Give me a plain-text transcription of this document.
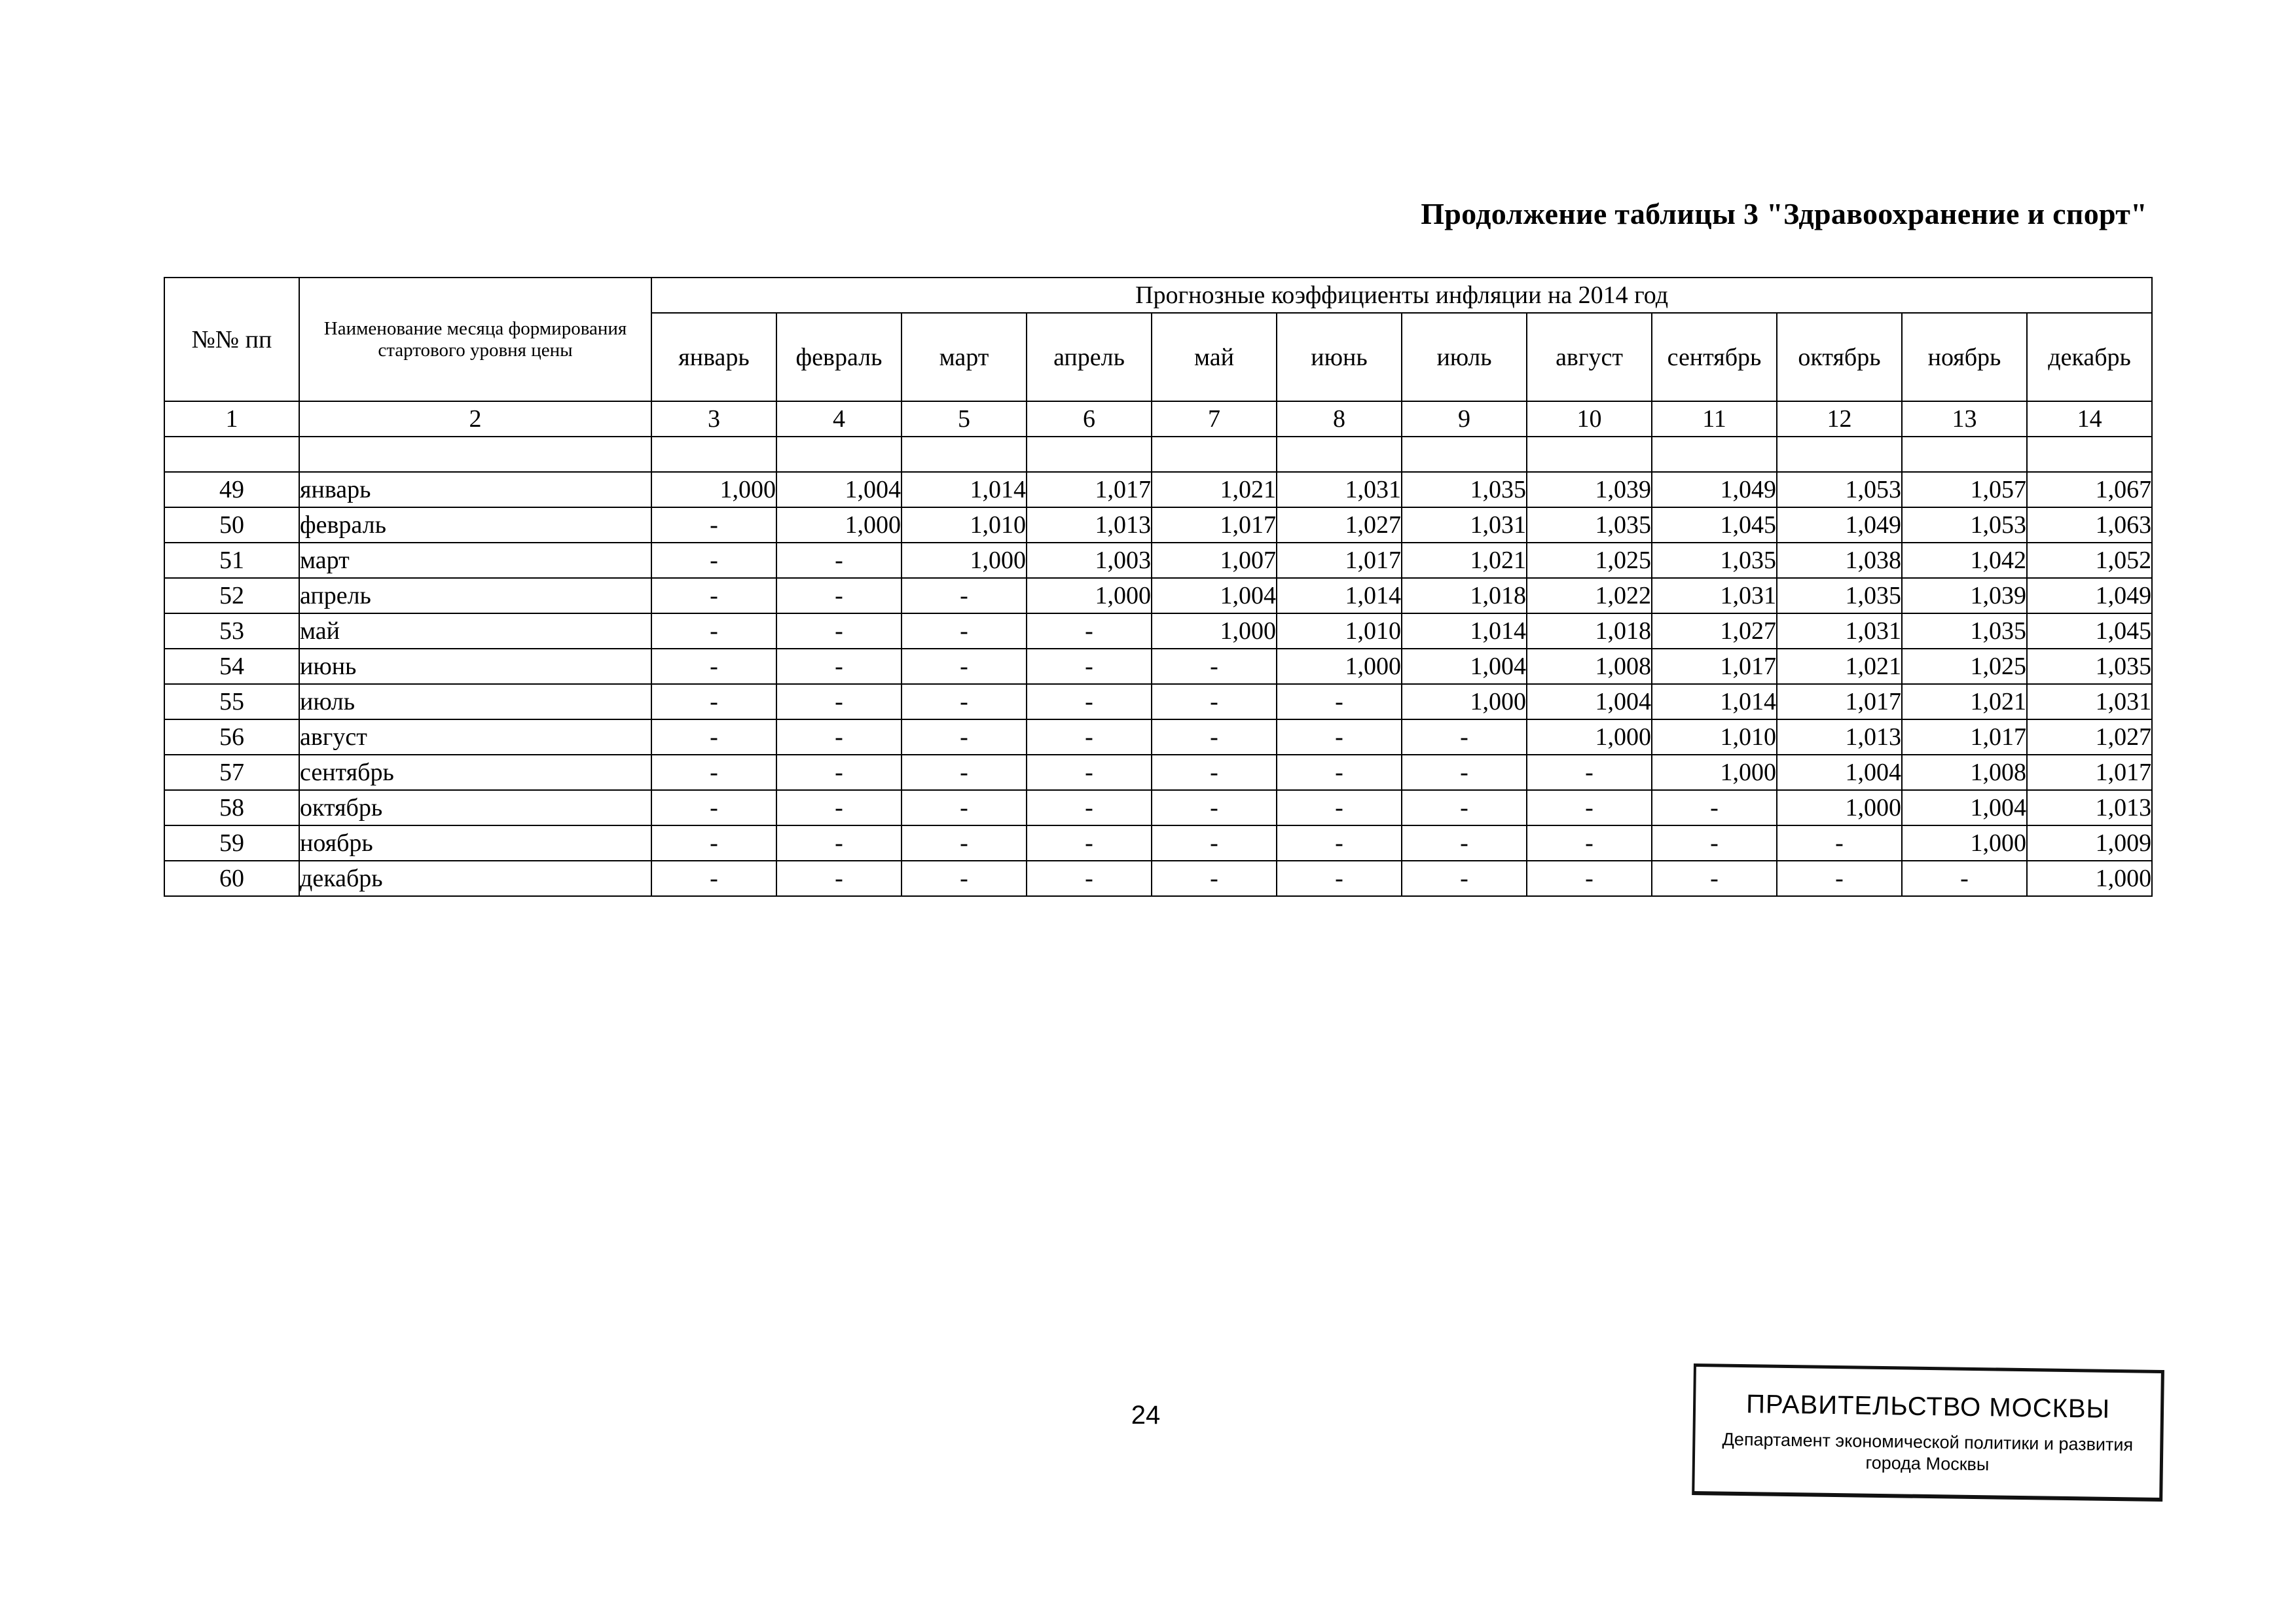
Продолжение таблицы 3 "Здравоохранение и спорт"
№№ пп	Наименование месяца формирования стартового уровня цены	Прогнозные коэффициенты инфляции на 2014 год											
		январь	февраль	март	апрель	май	июнь	июль	август	сентябрь	октябрь	ноябрь	декабрь
1	2	3	4	5	6	7	8	9	10	11	12	13	14

49	январь	1,000	1,004	1,014	1,017	1,021	1,031	1,035	1,039	1,049	1,053	1,057	1,067
50	февраль	-	1,000	1,010	1,013	1,017	1,027	1,031	1,035	1,045	1,049	1,053	1,063
51	март	-	-	1,000	1,003	1,007	1,017	1,021	1,025	1,035	1,038	1,042	1,052
52	апрель	-	-	-	1,000	1,004	1,014	1,018	1,022	1,031	1,035	1,039	1,049
53	май	-	-	-	-	1,000	1,010	1,014	1,018	1,027	1,031	1,035	1,045
54	июнь	-	-	-	-	-	1,000	1,004	1,008	1,017	1,021	1,025	1,035
55	июль	-	-	-	-	-	-	1,000	1,004	1,014	1,017	1,021	1,031
56	август	-	-	-	-	-	-	-	1,000	1,010	1,013	1,017	1,027
57	сентябрь	-	-	-	-	-	-	-	-	1,000	1,004	1,008	1,017
58	октябрь	-	-	-	-	-	-	-	-	-	1,000	1,004	1,013
59	ноябрь	-	-	-	-	-	-	-	-	-	-	1,000	1,009
60	декабрь	-	-	-	-	-	-	-	-	-	-	-	1,000
24	ПРАВИТЕЛЬСТВО МОСКВЫ
Департамент экономической политики и развития
города Москвы
